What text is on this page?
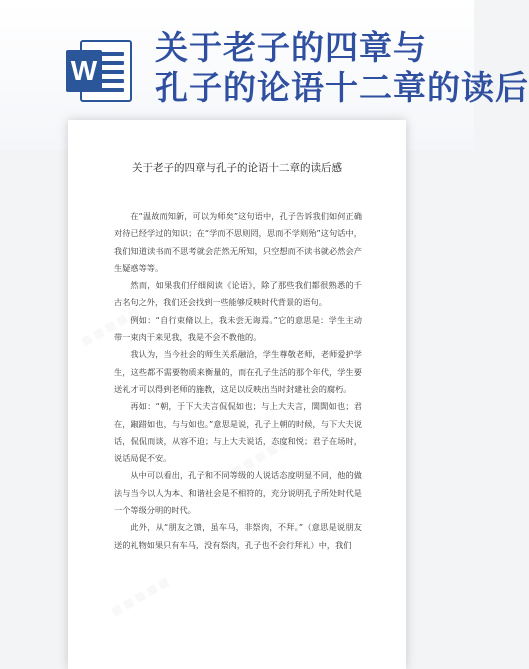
W
关于老子的四章与
孔子的论语十二章的读后
▦ ▦ ▦ ▦ ▦
▦ ▦ ▦ ▦ ▦
▦ ▦ ▦ ▦ ▦
关于老子的四章与孔子的论语十二章的读后感

在“温故而知新，可以为师矣”这句语中，孔子告诉我们如何正确对待已经学过的知识；在“学而不思则罔，思而不学则殆”这句话中，我们知道读书而不思考就会茫然无所知，只空想而不读书就必然会产生疑惑等等。

然而，如果我们仔细阅读《论语》，除了那些我们都很熟悉的千古名句之外，我们还会找到一些能够反映时代背景的语句。

例如：“自行束脩以上，我未尝无诲焉。”它的意思是：学生主动带一束肉干来见我，我是不会不教他的。

我认为，当今社会的师生关系融洽，学生尊敬老师，老师爱护学生，这些都不需要物质来衡量的，而在孔子生活的那个年代，学生要送礼才可以得到老师的施教，这足以反映出当时封建社会的腐朽。

再如：“朝，于下大夫言侃侃如也；与上大夫言，誾誾如也；君在，踧踖如也，与与如也。”意思是说，孔子上朝的时候，与下大夫说话，侃侃而谈，从容不迫；与上大夫说话，态度和悦；君子在场时，说话局促不安。

从中可以看出，孔子和不同等级的人说话态度明显不同，他的做法与当今以人为本、和谐社会是不相符的，充分说明孔子所处时代是一个等级分明的时代。

此外，从“朋友之馈，虽车马，非祭肉，不拜。”（意思是说朋友送的礼物如果只有车马，没有祭肉，孔子也不会行拜礼）中，我们
